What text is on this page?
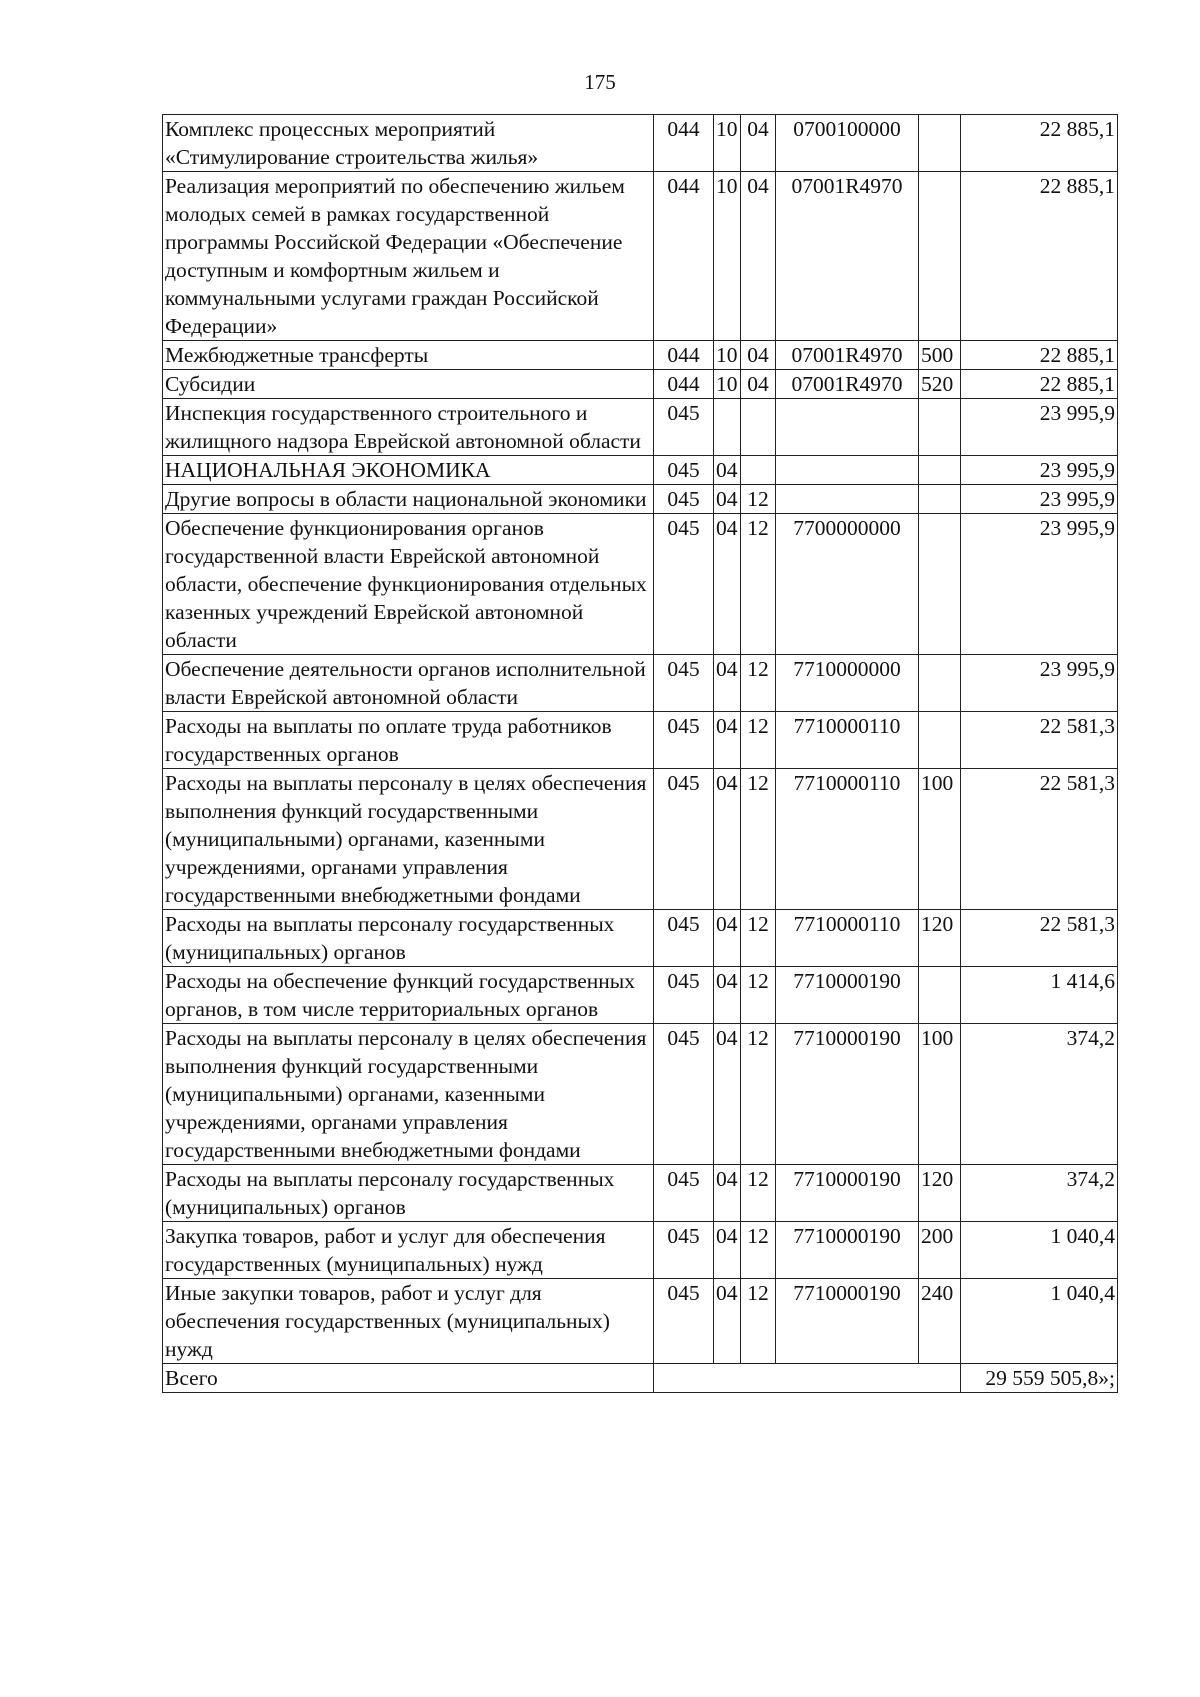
175
Комплекс процессных мероприятий «Стимулирование строительства жилья»	044	10	04	0700100000		22 885,1
Реализация мероприятий по обеспечению жильем молодых семей в рамках государственной программы Российской Федерации «Обеспечение доступным и комфортным жильем и коммунальными услугами граждан Российской Федерации»	044	10	04	07001R4970		22 885,1
Межбюджетные трансферты	044	10	04	07001R4970	500	22 885,1
Субсидии	044	10	04	07001R4970	520	22 885,1
Инспекция государственного строительного и жилищного надзора Еврейской автономной области	045					23 995,9
НАЦИОНАЛЬНАЯ ЭКОНОМИКА	045	04				23 995,9
Другие вопросы в области национальной экономики	045	04	12			23 995,9
Обеспечение функционирования органов государственной власти Еврейской автономной области, обеспечение функционирования отдельных казенных учреждений Еврейской автономной области	045	04	12	7700000000		23 995,9
Обеспечение деятельности органов исполнительной власти Еврейской автономной области	045	04	12	7710000000		23 995,9
Расходы на выплаты по оплате труда работников государственных органов	045	04	12	7710000110		22 581,3
Расходы на выплаты персоналу в целях обеспечения выполнения функций государственными (муниципальными) органами, казенными учреждениями, органами управления государственными внебюджетными фондами	045	04	12	7710000110	100	22 581,3
Расходы на выплаты персоналу государственных (муниципальных) органов	045	04	12	7710000110	120	22 581,3
Расходы на обеспечение функций государственных органов, в том числе территориальных органов	045	04	12	7710000190		1 414,6
Расходы на выплаты персоналу в целях обеспечения выполнения функций государственными (муниципальными) органами, казенными учреждениями, органами управления государственными внебюджетными фондами	045	04	12	7710000190	100	374,2
Расходы на выплаты персоналу государственных (муниципальных) органов	045	04	12	7710000190	120	374,2
Закупка товаров, работ и услуг для обеспечения государственных (муниципальных) нужд	045	04	12	7710000190	200	1 040,4
Иные закупки товаров, работ и услуг для обеспечения государственных (муниципальных) нужд	045	04	12	7710000190	240	1 040,4
Всего						29 559 505,8»;
